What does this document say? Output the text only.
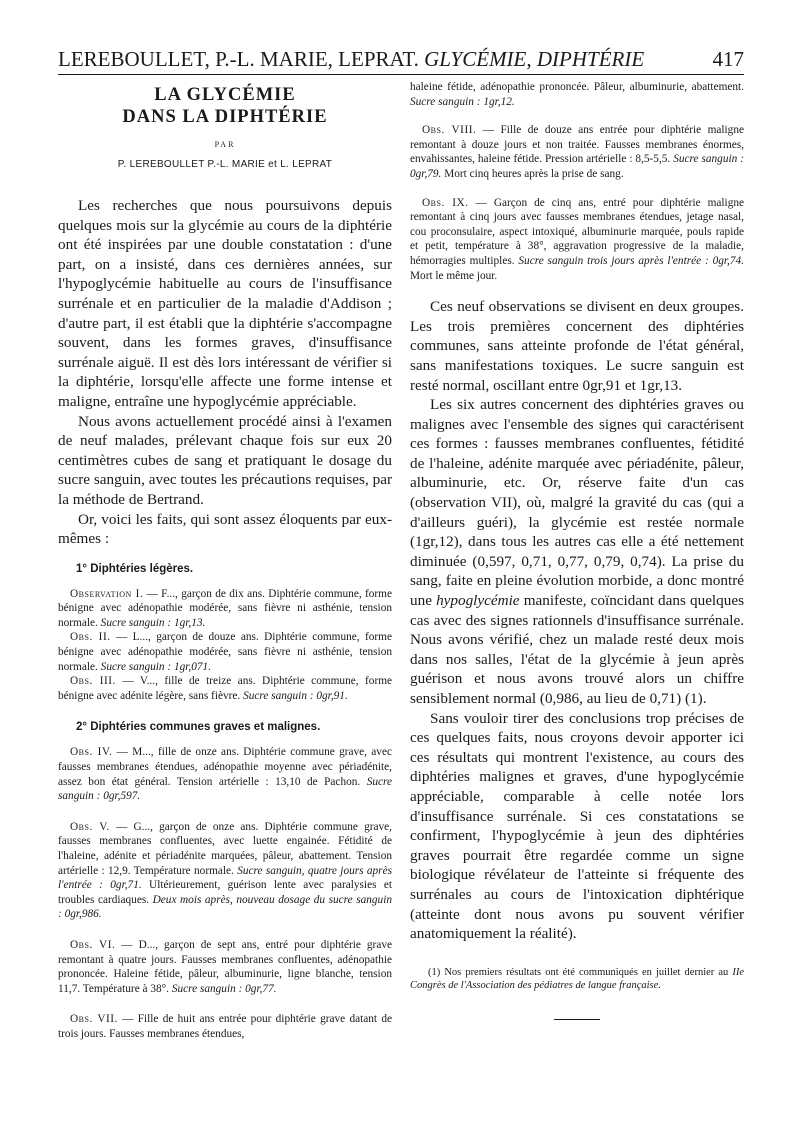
LEREBOULLET, P.-L. MARIE, LEPRAT. GLYCÉMIE, DIPHTÉRIE	417
LA GLYCÉMIE
DANS LA DIPHTÉRIE
PAR
P. LEREBOULLET P.-L. MARIE et L. LEPRAT

Les recherches que nous poursuivons depuis quelques mois sur la glycémie au cours de la diphtérie ont été inspirées par une double constatation : d'une part, on a insisté, dans ces dernières années, sur l'hypoglycémie habituelle au cours de l'insuffisance surrénale et en particulier de la maladie d'Addison ; d'autre part, il est établi que la diphtérie s'accompagne souvent, dans les formes graves, d'insuffisance surrénale aiguë. Il est dès lors intéressant de vérifier si la diphtérie, lorsqu'elle affecte une forme intense et maligne, entraîne une hypoglycémie appréciable.

Nous avons actuellement procédé ainsi à l'examen de neuf malades, prélevant chaque fois sur eux 20 centimètres cubes de sang et pratiquant le dosage du sucre sanguin, avec toutes les précautions requises, par la méthode de Bertrand.

Or, voici les faits, qui sont assez éloquents par eux-mêmes :

1° Diphtéries légères.

Observation I. — F..., garçon de dix ans. Diphtérie commune, forme bénigne avec adénopathie modérée, sans fièvre ni asthénie, tension normale. Sucre sanguin : 1gr,13.

Obs. II. — L..., garçon de douze ans. Diphtérie commune, forme bénigne avec adénopathie modérée, sans fièvre ni asthénie, tension normale. Sucre sanguin : 1gr,071.

Obs. III. — V..., fille de treize ans. Diphtérie commune, forme bénigne avec adénite légère, sans fièvre. Sucre sanguin : 0gr,91.

2° Diphtéries communes graves et malignes.

Obs. IV. — M..., fille de onze ans. Diphtérie commune grave, avec fausses membranes étendues, adénopathie moyenne avec périadénite, assez bon état général. Tension artérielle : 13,10 de Pachon. Sucre sanguin : 0gr,597.

Obs. V. — G..., garçon de onze ans. Diphtérie commune grave, fausses membranes confluentes, avec luette engainée. Fétidité de l'haleine, adénite et périadénite marquées, pâleur, abattement. Tension artérielle : 12,9. Température normale. Sucre sanguin, quatre jours après l'entrée : 0gr,71. Ultérieurement, guérison lente avec paralysies et troubles cardiaques. Deux mois après, nouveau dosage du sucre sanguin : 0gr,986.

Obs. VI. — D..., garçon de sept ans, entré pour diphtérie grave remontant à quatre jours. Fausses membranes confluentes, adénopathie prononcée. Haleine fétide, pâleur, albuminurie, ligne blanche, tension 11,7. Température à 38°. Sucre sanguin : 0gr,77.

Obs. VII. — Fille de huit ans entrée pour diphtérie grave datant de trois jours. Fausses membranes étendues,

haleine fétide, adénopathie prononcée. Pâleur, albuminurie, abattement. Sucre sanguin : 1gr,12.

Obs. VIII. — Fille de douze ans entrée pour diphtérie maligne remontant à douze jours et non traitée. Fausses membranes énormes, envahissantes, haleine fétide. Pression artérielle : 8,5-5,5. Sucre sanguin : 0gr,79. Mort cinq heures après la prise de sang.

Obs. IX. — Garçon de cinq ans, entré pour diphtérie maligne remontant à cinq jours avec fausses membranes étendues, jetage nasal, cou proconsulaire, aspect intoxiqué, albuminurie marquée, pouls rapide et petit, température à 38°, aggravation progressive de la maladie, hémorragies multiples. Sucre sanguin trois jours après l'entrée : 0gr,74. Mort le même jour.

Ces neuf observations se divisent en deux groupes. Les trois premières concernent des diphtéries communes, sans atteinte profonde de l'état général, sans manifestations toxiques. Le sucre sanguin est resté normal, oscillant entre 0gr,91 et 1gr,13.

Les six autres concernent des diphtéries graves ou malignes avec l'ensemble des signes qui caractérisent ces formes : fausses membranes confluentes, fétidité de l'haleine, adénite marquée avec périadénite, pâleur, albuminurie, etc. Or, réserve faite d'un cas (observation VII), où, malgré la gravité du cas (qui a d'ailleurs guéri), la glycémie est restée normale (1gr,12), dans tous les autres cas elle a été nettement diminuée (0,597, 0,71, 0,77, 0,79, 0,74). La prise du sang, faite en pleine évolution morbide, a donc montré une hypoglycémie manifeste, coïncidant dans quelques cas avec des signes rationnels d'insuffisance surrénale. Nous avons vérifié, chez un malade resté deux mois dans nos salles, l'état de la glycémie à jeun après guérison et nous avons trouvé alors un chiffre sensiblement normal (0,986, au lieu de 0,71) (1).

Sans vouloir tirer des conclusions trop précises de ces quelques faits, nous croyons devoir apporter ici ces résultats qui montrent l'existence, au cours des diphtéries malignes et graves, d'une hypoglycémie appréciable, comparable à celle notée lors d'insuffisance surrénale. Si ces constatations se confirment, l'hypoglycémie à jeun des diphtéries graves pourrait être regardée comme un signe biologique révélateur de l'atteinte si fréquente des surrénales au cours de l'intoxication diphtérique (atteinte dont nous avons pu souvent vérifier anatomiquement la réalité).

(1) Nos premiers résultats ont été communiqués en juillet dernier au IIe Congrès de l'Association des pédiatres de langue française.
